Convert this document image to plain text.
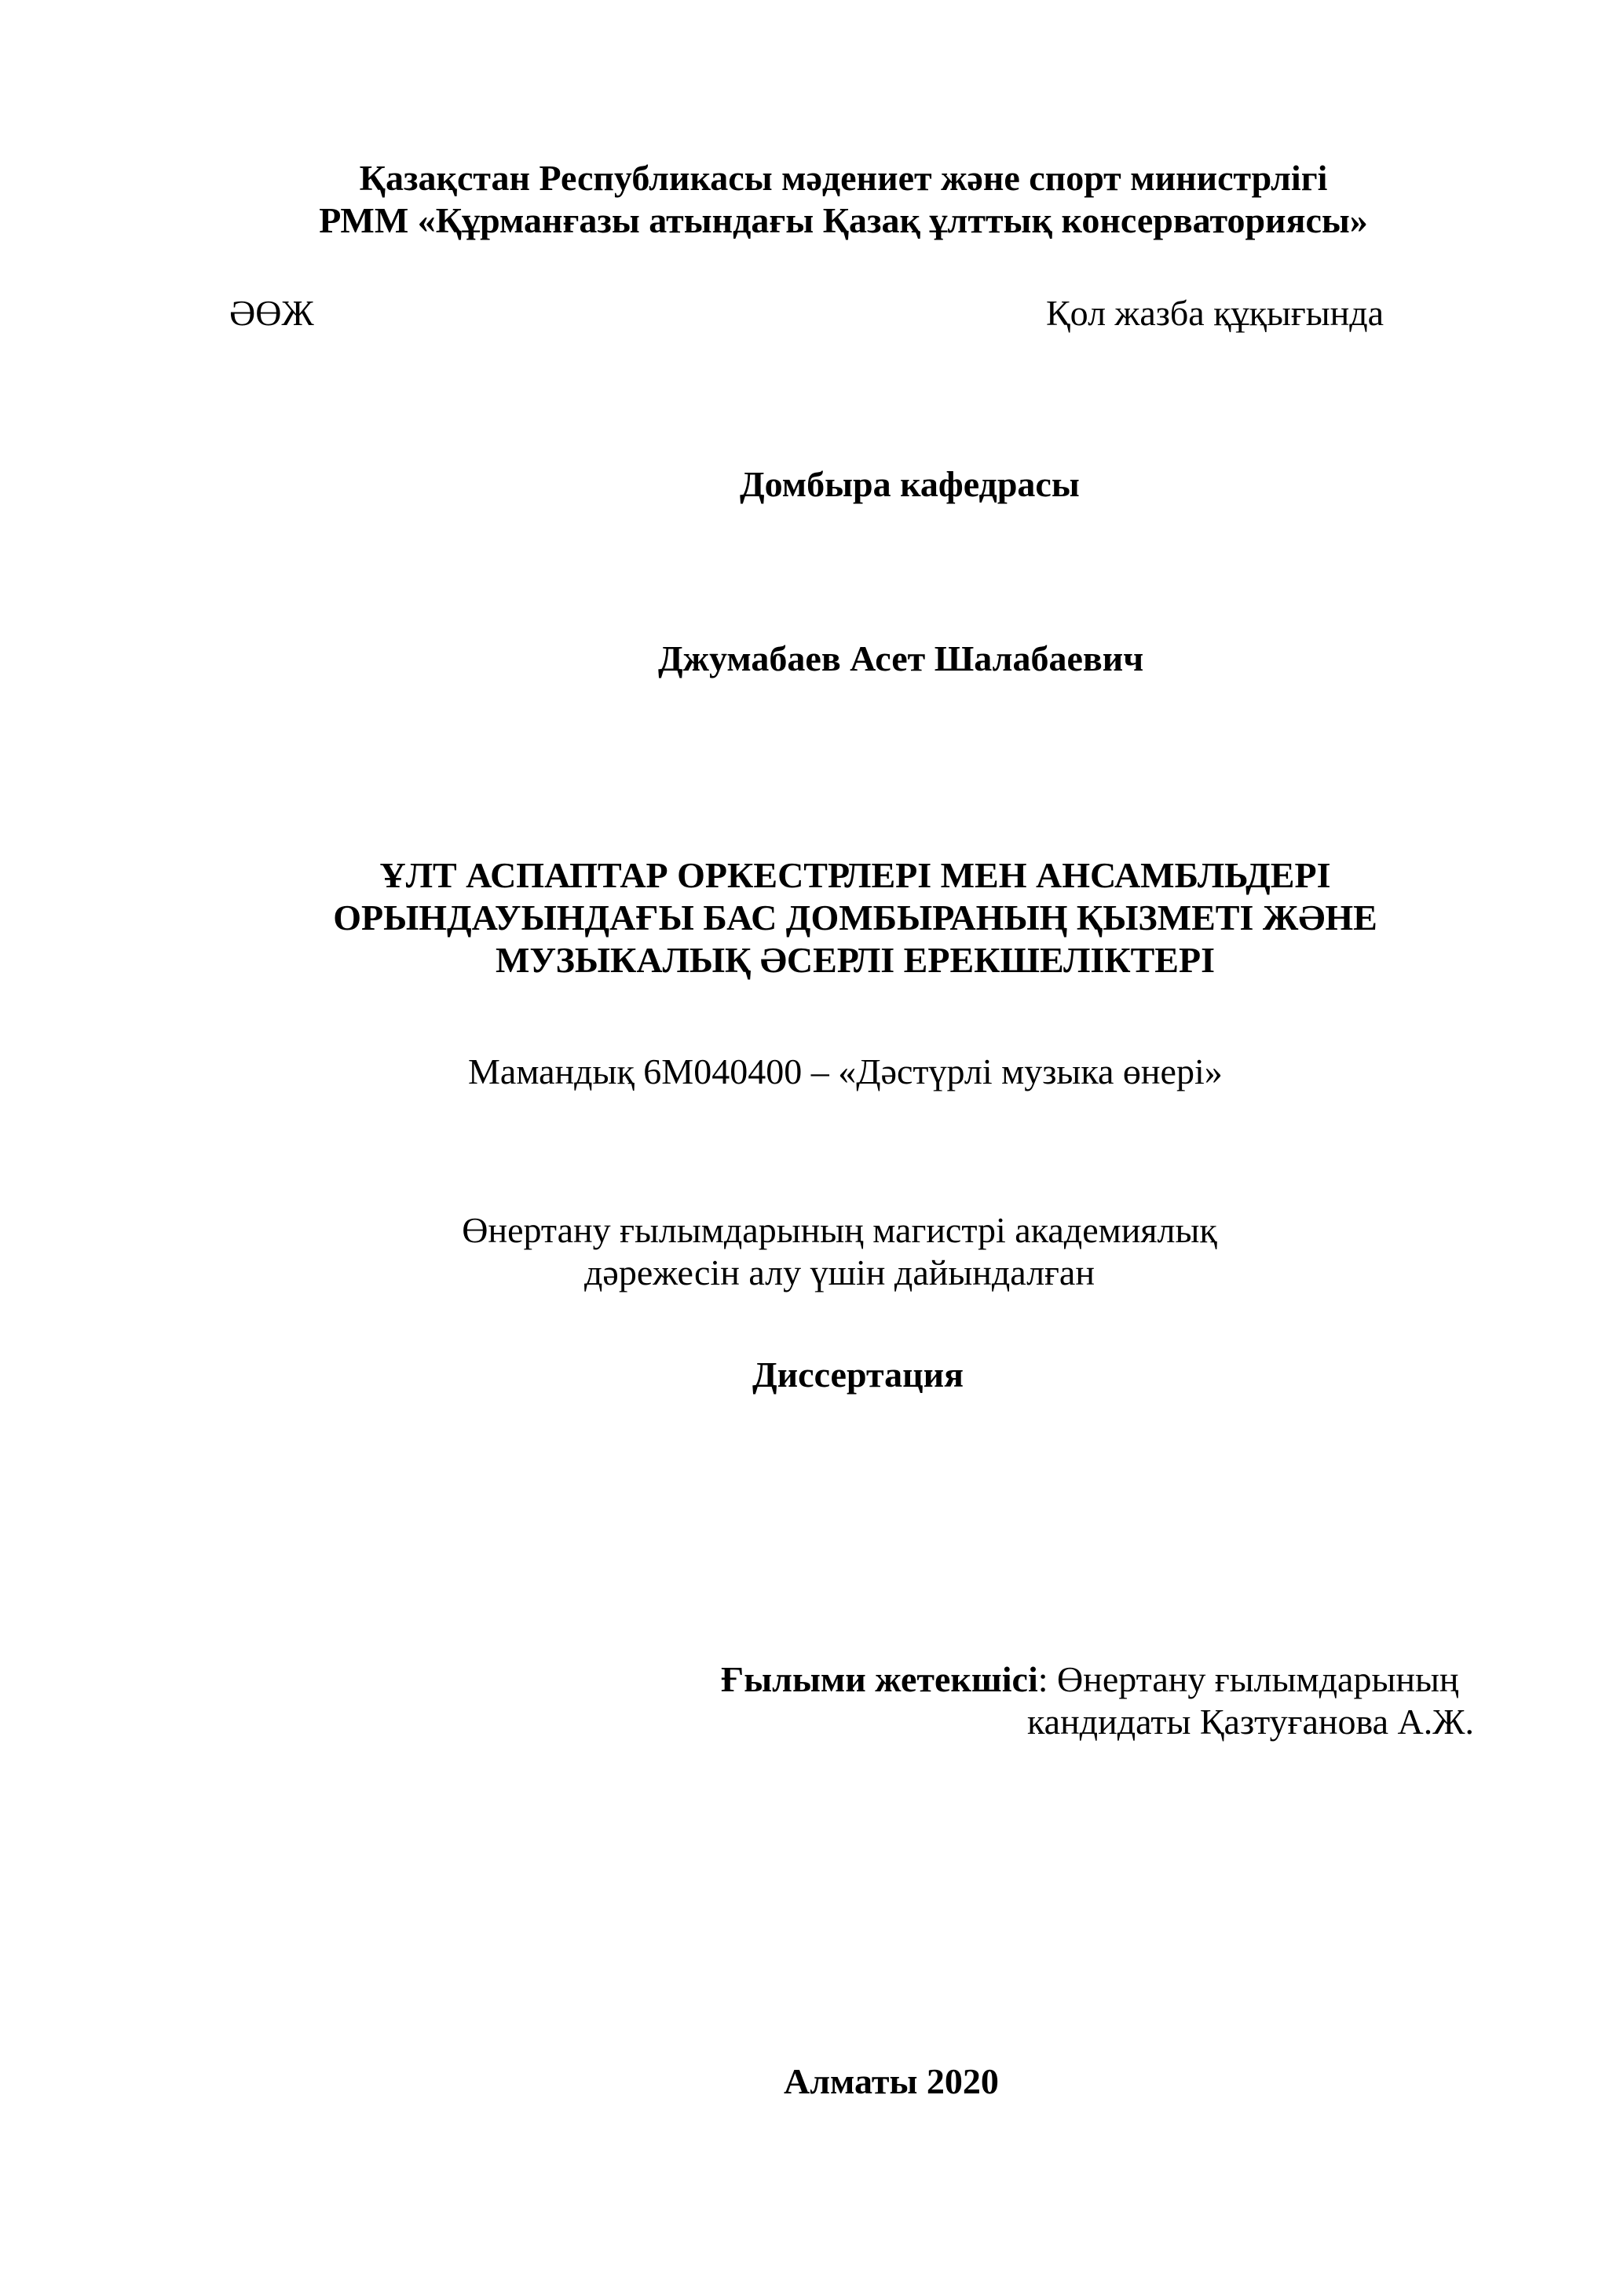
Қазақстан Республикасы мәдениет және спорт министрлігі
РММ «Құрманғазы атындағы Қазақ ұлттық консерваториясы»
ӘӨЖ	Қол жазба құқығында
Домбыра кафедрасы
Джумабаев Асет Шалабаевич
ҰЛТ АСПАПТАР ОРКЕСТРЛЕРІ МЕН АНСАМБЛЬДЕРІ
ОРЫНДАУЫНДАҒЫ БАС ДОМБЫРАНЫҢ ҚЫЗМЕТІ ЖӘНЕ
МУЗЫКАЛЫҚ ӘСЕРЛІ ЕРЕКШЕЛІКТЕРІ
Мамандық 6М040400 – «Дәстүрлі музыка өнері»
Өнертану ғылымдарының магистрі академиялық
дәрежесін алу үшін дайындалған
Диссертация
Ғылыми жетекшісі: Өнертану ғылымдарының
кандидаты Қазтуғанова А.Ж.
Алматы 2020
